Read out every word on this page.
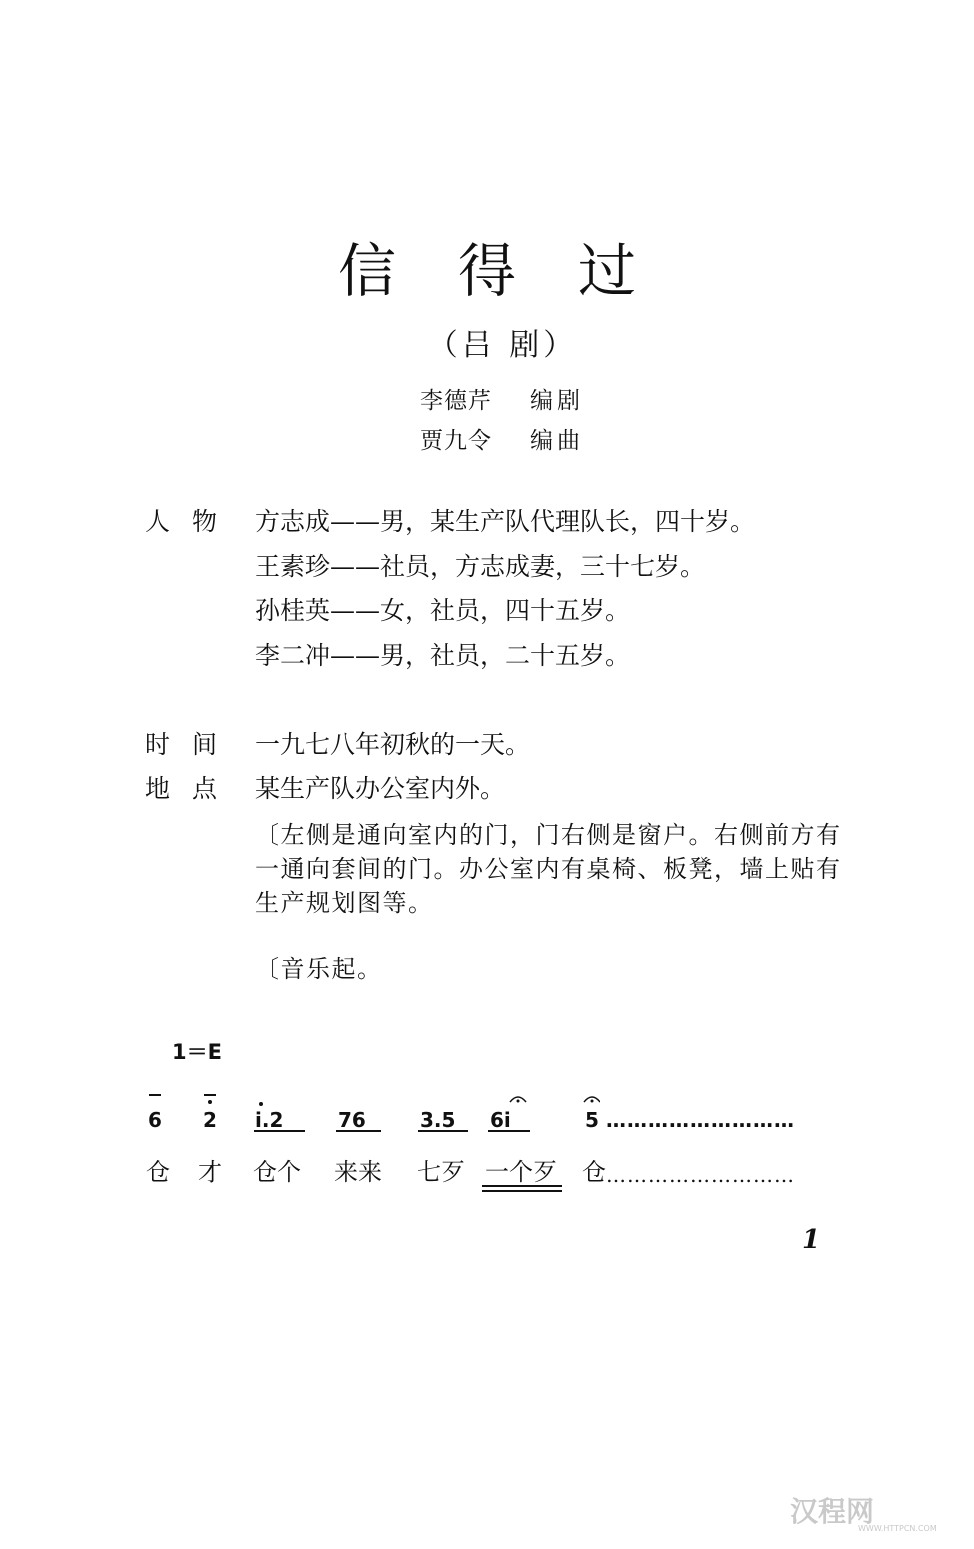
信得过
（吕 剧）
李德芹 编剧
贾九令 编曲
人物 方志成——男，某生产队代理队长，四十岁。
王素珍——社员，方志成妻，三十七岁。
孙桂英——女，社员，四十五岁。
李二冲——男，社员，二十五岁。
时间 一九七八年初秋的一天。
地点 某生产队办公室内外。
〔左侧是通向室内的门，门右侧是窗户。右侧前方有一通向套间的门。办公室内有桌椅、板凳，墙上贴有生产规划图等。
〔音乐起。
1＝E
6 2 i.2	76	3.5 6i	5 ………………………
仓 才 仓个 来来 七歹 一个歹 仓 ………………………
1
汉程网
WWW.HTTPCN.COM
